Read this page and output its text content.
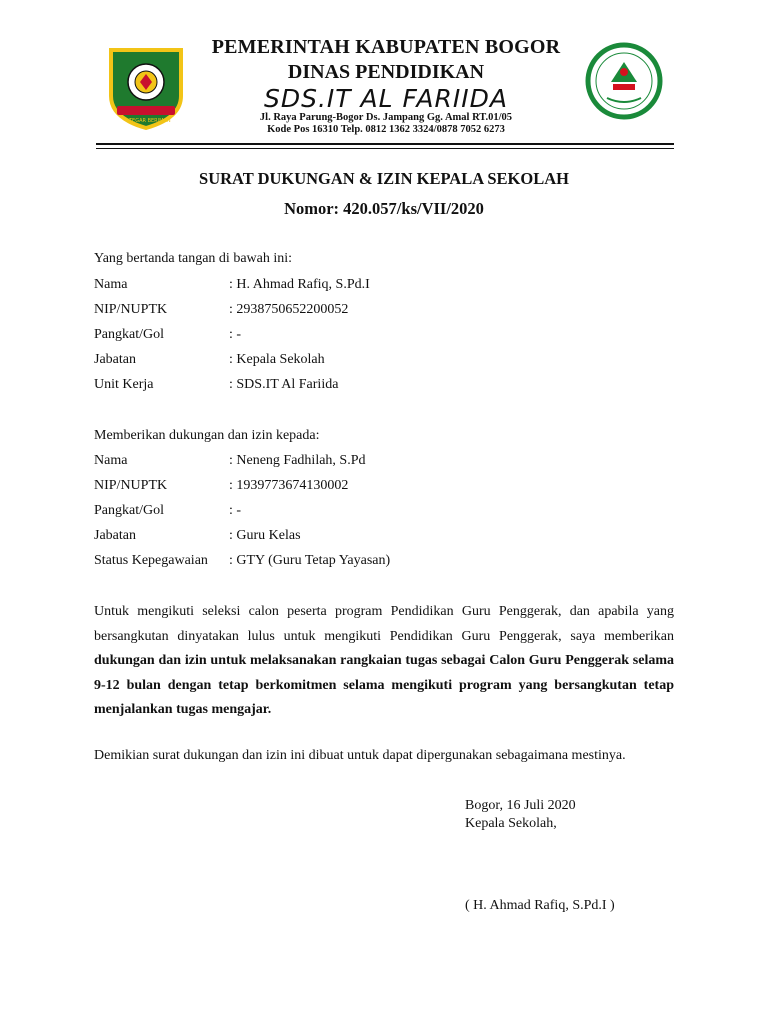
TEGAR BERIMAN
PEMERINTAH KABUPATEN BOGOR
DINAS PENDIDIKAN
SDS.IT AL FARIIDA
Jl. Raya Parung-Bogor Ds. Jampang Gg. Amal RT.01/05
Kode Pos 16310 Telp. 0812 1362 3324/0878 7052 6273
SURAT DUKUNGAN & IZIN KEPALA SEKOLAH
Nomor: 420.057/ks/VII/2020
Yang bertanda tangan di bawah ini:
Nama	: H. Ahmad Rafiq, S.Pd.I
NIP/NUPTK	: 2938750652200052
Pangkat/Gol	: -
Jabatan	: Kepala Sekolah
Unit Kerja	: SDS.IT Al Fariida
Memberikan dukungan dan izin kepada:
Nama	: Neneng Fadhilah, S.Pd
NIP/NUPTK	: 1939773674130002
Pangkat/Gol	: -
Jabatan	: Guru Kelas
Status Kepegawaian : GTY (Guru Tetap Yayasan)
Untuk mengikuti seleksi calon peserta program Pendidikan Guru Penggerak, dan apabila yang bersangkutan dinyatakan lulus untuk mengikuti Pendidikan Guru Penggerak, saya memberikan dukungan dan izin untuk melaksanakan rangkaian tugas sebagai Calon Guru Penggerak selama 9-12 bulan dengan tetap berkomitmen selama mengikuti program yang bersangkutan tetap menjalankan tugas mengajar.
Demikian surat dukungan dan izin ini dibuat untuk dapat dipergunakan sebagaimana mestinya.
Bogor, 16 Juli 2020
Kepala Sekolah,
( H. Ahmad Rafiq, S.Pd.I )
